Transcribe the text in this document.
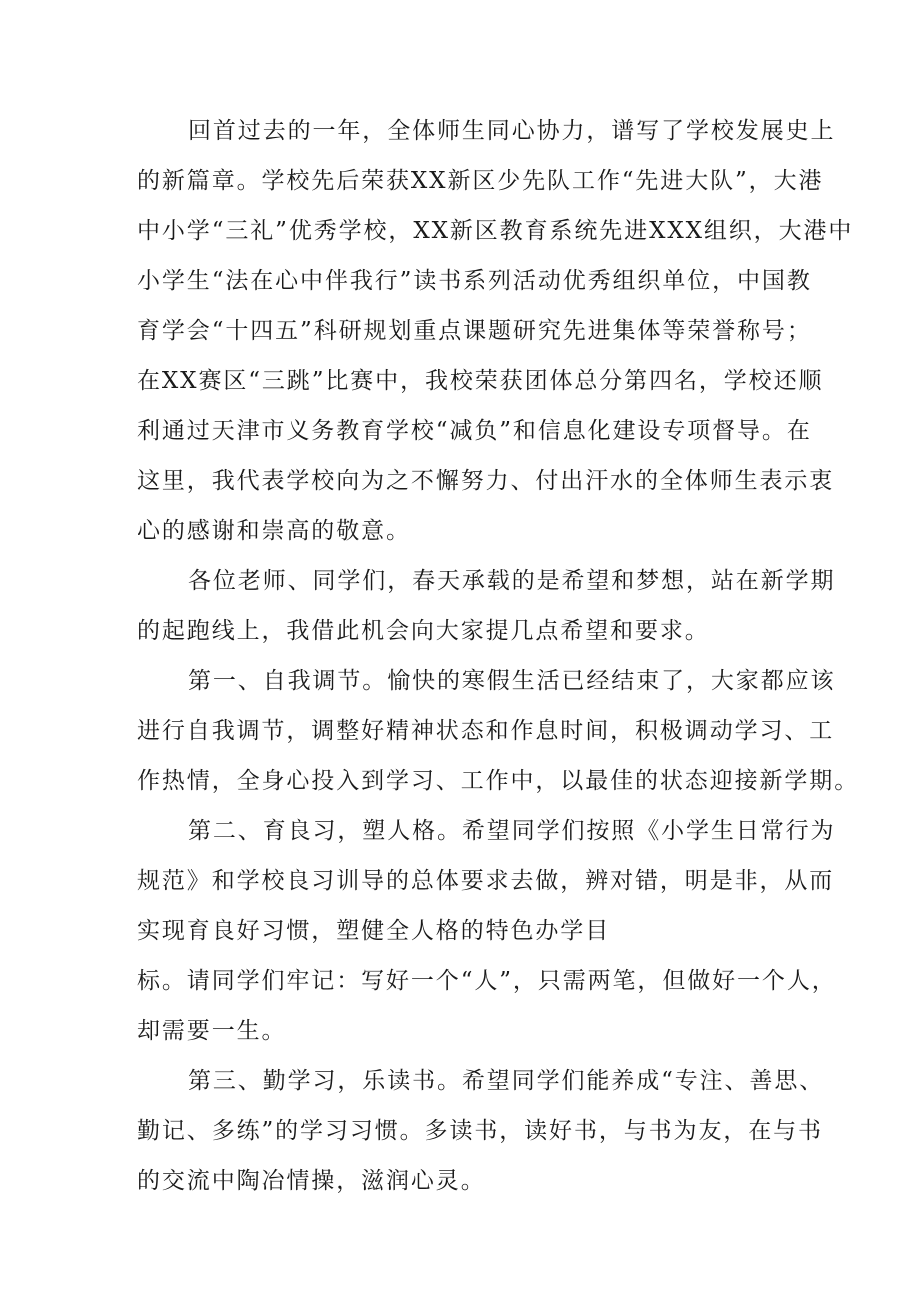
回首过去的一年，全体师生同心协力，谱写了学校发展史上
的新篇章。学校先后荣获XX新区少先队工作“先进大队”，大港
中小学“三礼”优秀学校，XX新区教育系统先进XXX组织，大港中
小学生“法在心中伴我行”读书系列活动优秀组织单位，中国教
育学会“十四五”科研规划重点课题研究先进集体等荣誉称号；
在XX赛区“三跳”比赛中，我校荣获团体总分第四名，学校还顺
利通过天津市义务教育学校“减负”和信息化建设专项督导。在
这里，我代表学校向为之不懈努力、付出汗水的全体师生表示衷
心的感谢和崇高的敬意。
各位老师、同学们，春天承载的是希望和梦想，站在新学期
的起跑线上，我借此机会向大家提几点希望和要求。
第一、自我调节。愉快的寒假生活已经结束了，大家都应该
进行自我调节，调整好精神状态和作息时间，积极调动学习、工
作热情，全身心投入到学习、工作中，以最佳的状态迎接新学期。
第二、育良习，塑人格。希望同学们按照《小学生日常行为
规范》和学校良习训导的总体要求去做，辨对错，明是非，从而
实现育良好习惯，塑健全人格的特色办学目
标。请同学们牢记：写好一个“人”，只需两笔，但做好一个人，
却需要一生。
第三、勤学习，乐读书。希望同学们能养成“专注、善思、
勤记、多练”的学习习惯。多读书，读好书，与书为友，在与书
的交流中陶冶情操，滋润心灵。
